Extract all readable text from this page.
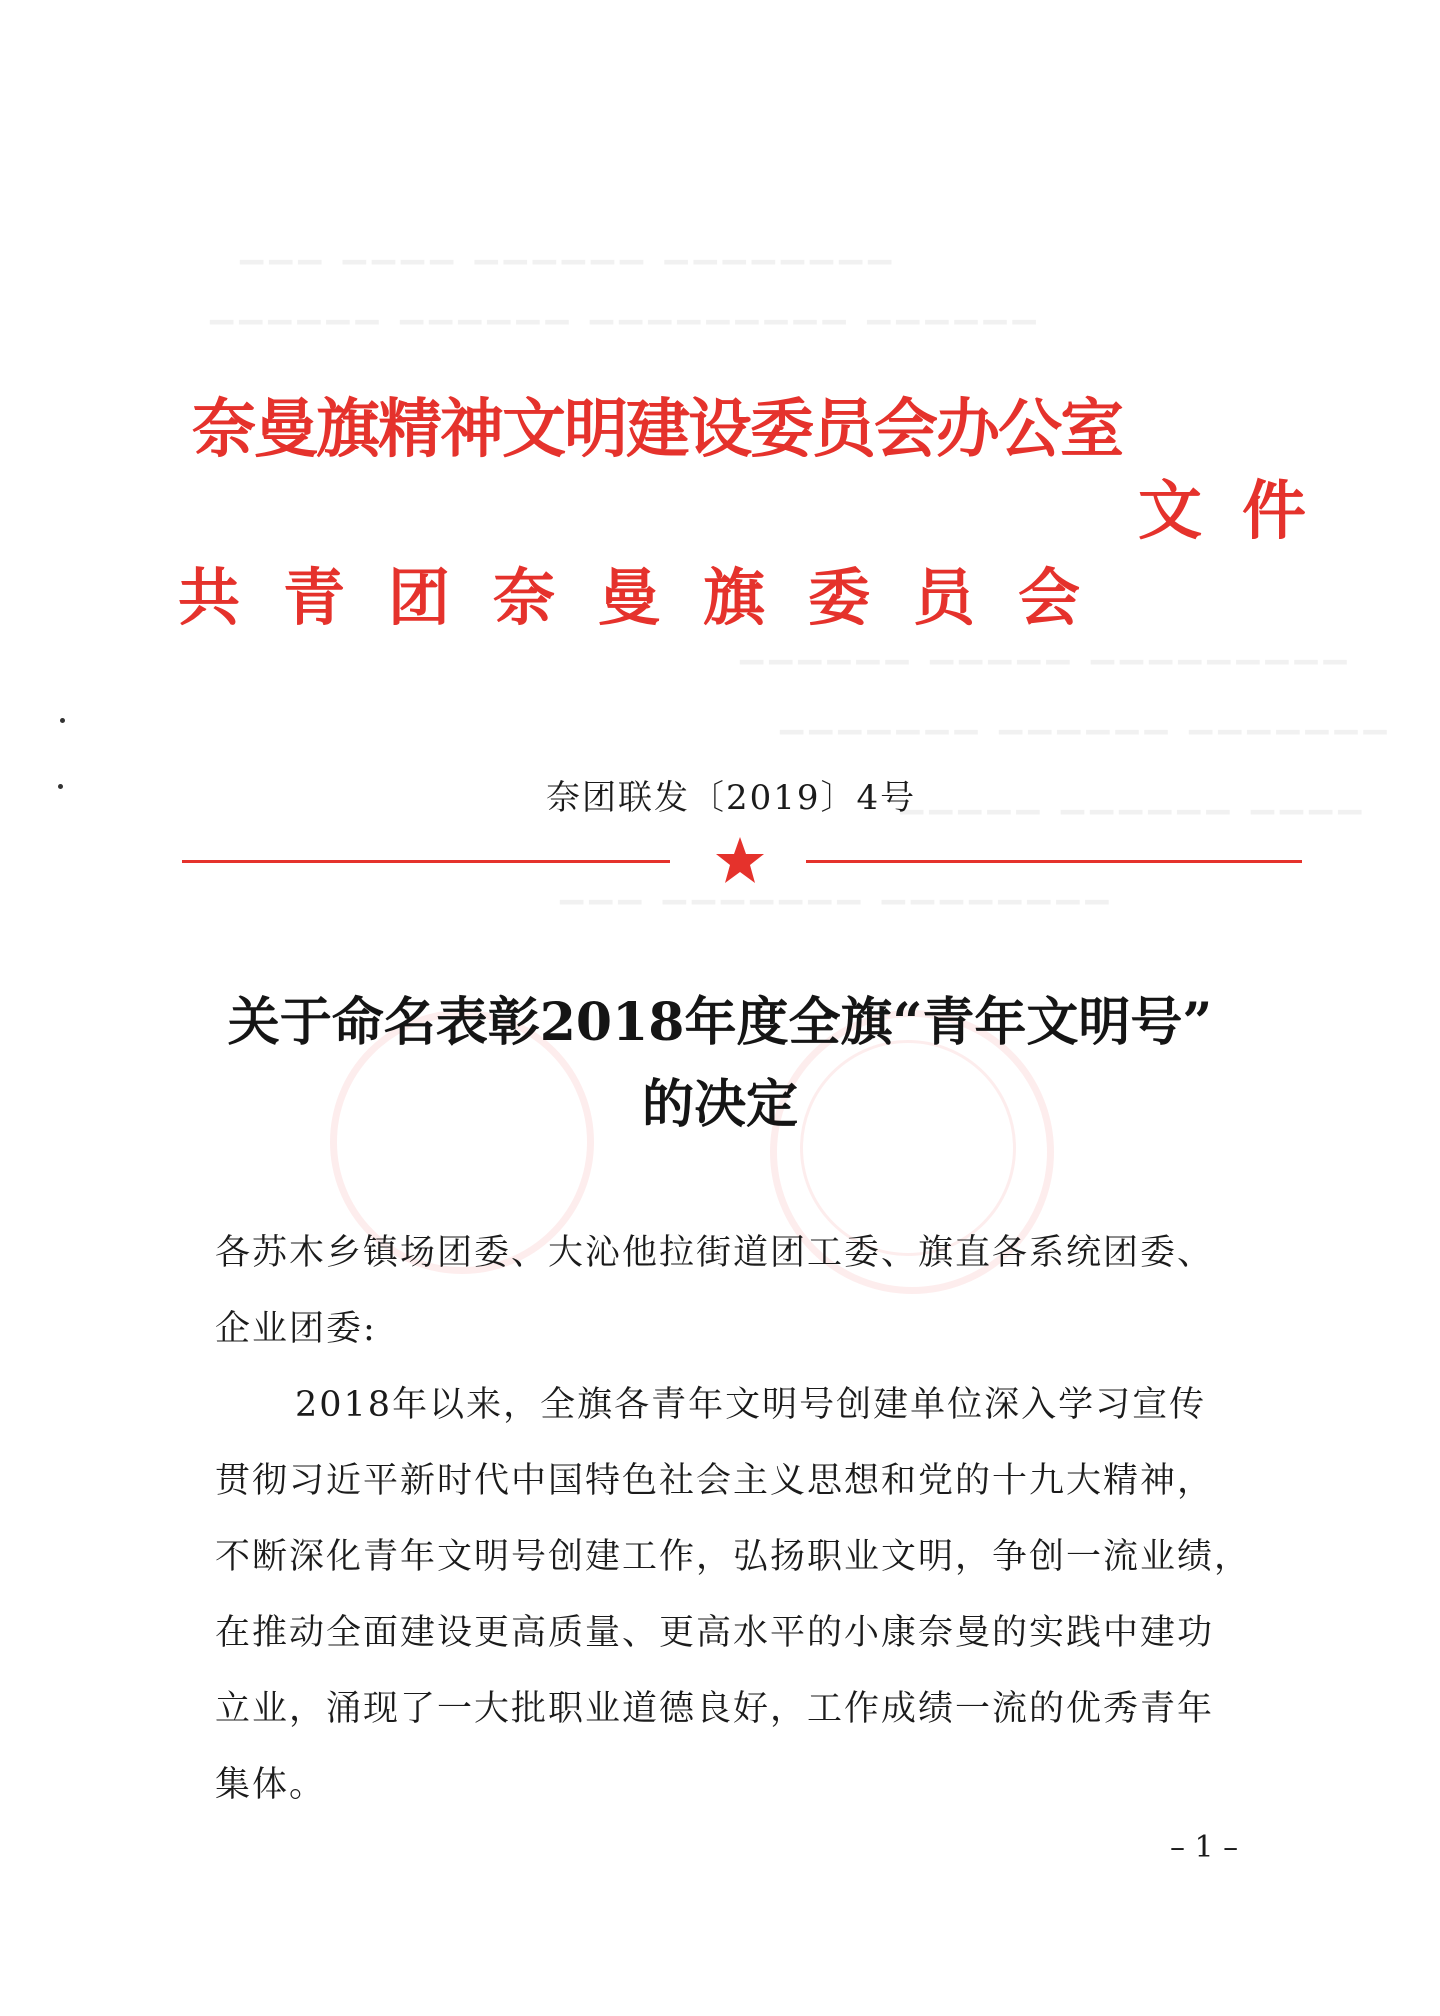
▁▁▁ ▁▁▁▁ ▁▁▁▁▁▁ ▁▁▁▁▁▁▁▁
▁▁▁▁▁▁ ▁▁▁▁▁▁ ▁▁▁▁▁▁▁▁▁ ▁▁▁▁▁▁
▁▁▁▁▁▁ ▁▁▁▁▁ ▁▁▁▁▁▁▁▁▁
▁▁▁▁▁▁▁ ▁▁▁▁▁▁ ▁▁▁▁▁▁▁
▁▁▁▁▁ ▁▁▁▁▁▁ ▁▁▁▁
▁▁▁ ▁▁▁▁▁▁▁ ▁▁▁▁▁▁▁▁
奈曼旗精神文明建设委员会办公室
共青团奈曼旗委员会
文件
奈团联发〔2019〕4号
关于命名表彰2018年度全旗“青年文明号”
的决定
各苏木乡镇场团委、大沁他拉街道团工委、旗直各系统团委、
企业团委:
2018年以来，全旗各青年文明号创建单位深入学习宣传
贯彻习近平新时代中国特色社会主义思想和党的十九大精神，
不断深化青年文明号创建工作，弘扬职业文明，争创一流业绩，
在推动全面建设更高质量、更高水平的小康奈曼的实践中建功
立业，涌现了一大批职业道德良好，工作成绩一流的优秀青年
集体。
– 1 –
